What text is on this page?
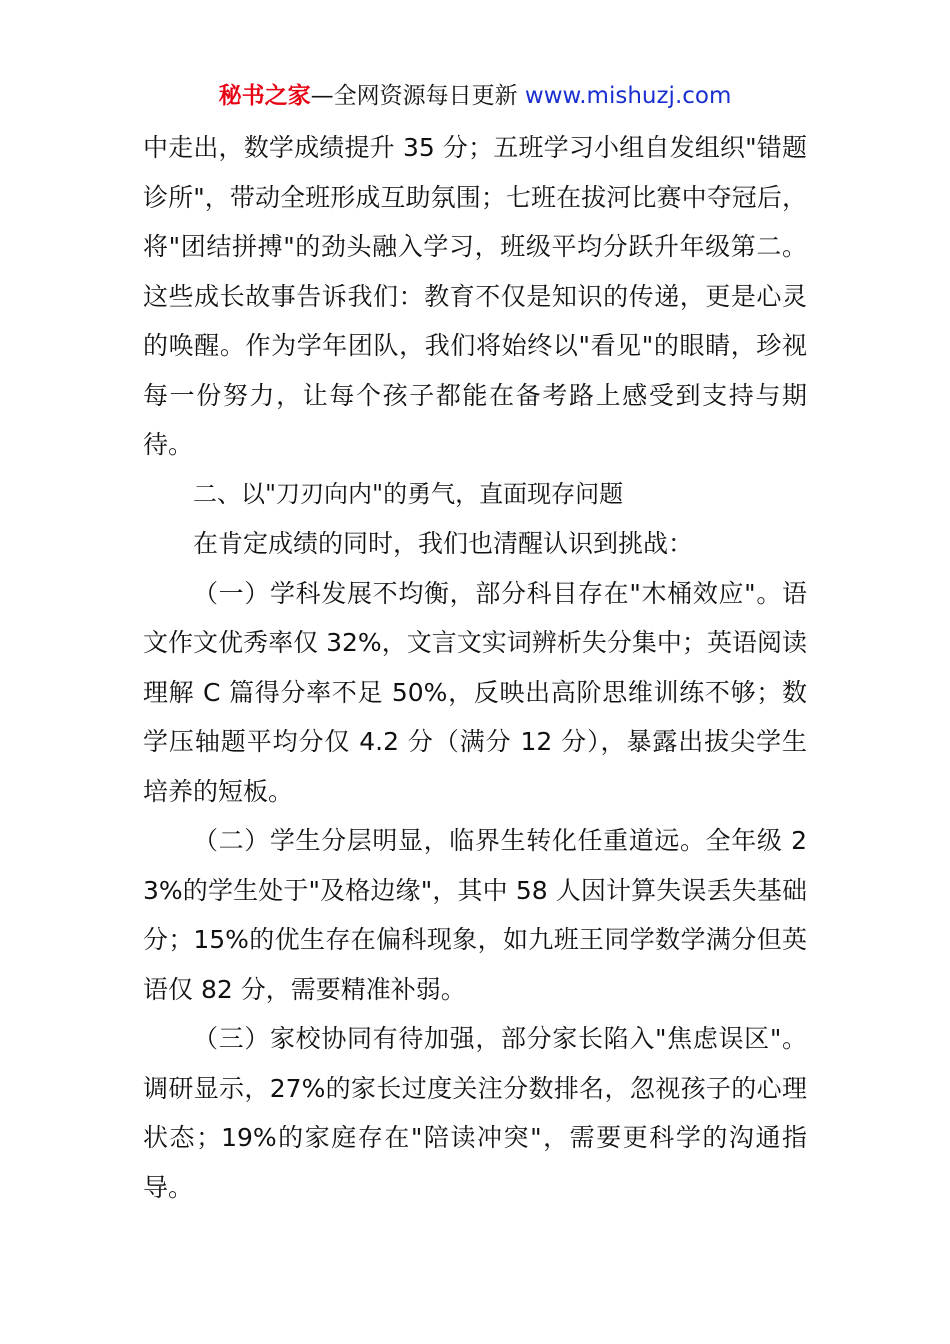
秘书之家—全网资源每日更新 www.mishuzj.com

中走出，数学成绩提升 35 分；五班学习小组自发组织"错题诊所"，带动全班形成互助氛围；七班在拔河比赛中夺冠后，将"团结拼搏"的劲头融入学习，班级平均分跃升年级第二。这些成长故事告诉我们：教育不仅是知识的传递，更是心灵的唤醒。作为学年团队，我们将始终以"看见"的眼睛，珍视每一份努力，让每个孩子都能在备考路上感受到支持与期待。

二、以"刀刃向内"的勇气，直面现存问题

在肯定成绩的同时，我们也清醒认识到挑战：

（一）学科发展不均衡，部分科目存在"木桶效应"。语文作文优秀率仅 32%，文言文实词辨析失分集中；英语阅读理解 C 篇得分率不足 50%，反映出高阶思维训练不够；数学压轴题平均分仅 4.2 分（满分 12 分），暴露出拔尖学生培养的短板。

（二）学生分层明显，临界生转化任重道远。全年级 23%的学生处于"及格边缘"，其中 58 人因计算失误丢失基础分；15%的优生存在偏科现象，如九班王同学数学满分但英语仅 82 分，需要精准补弱。

（三）家校协同有待加强，部分家长陷入"焦虑误区"。调研显示，27%的家长过度关注分数排名，忽视孩子的心理状态；19%的家庭存在"陪读冲突"，需要更科学的沟通指导。
